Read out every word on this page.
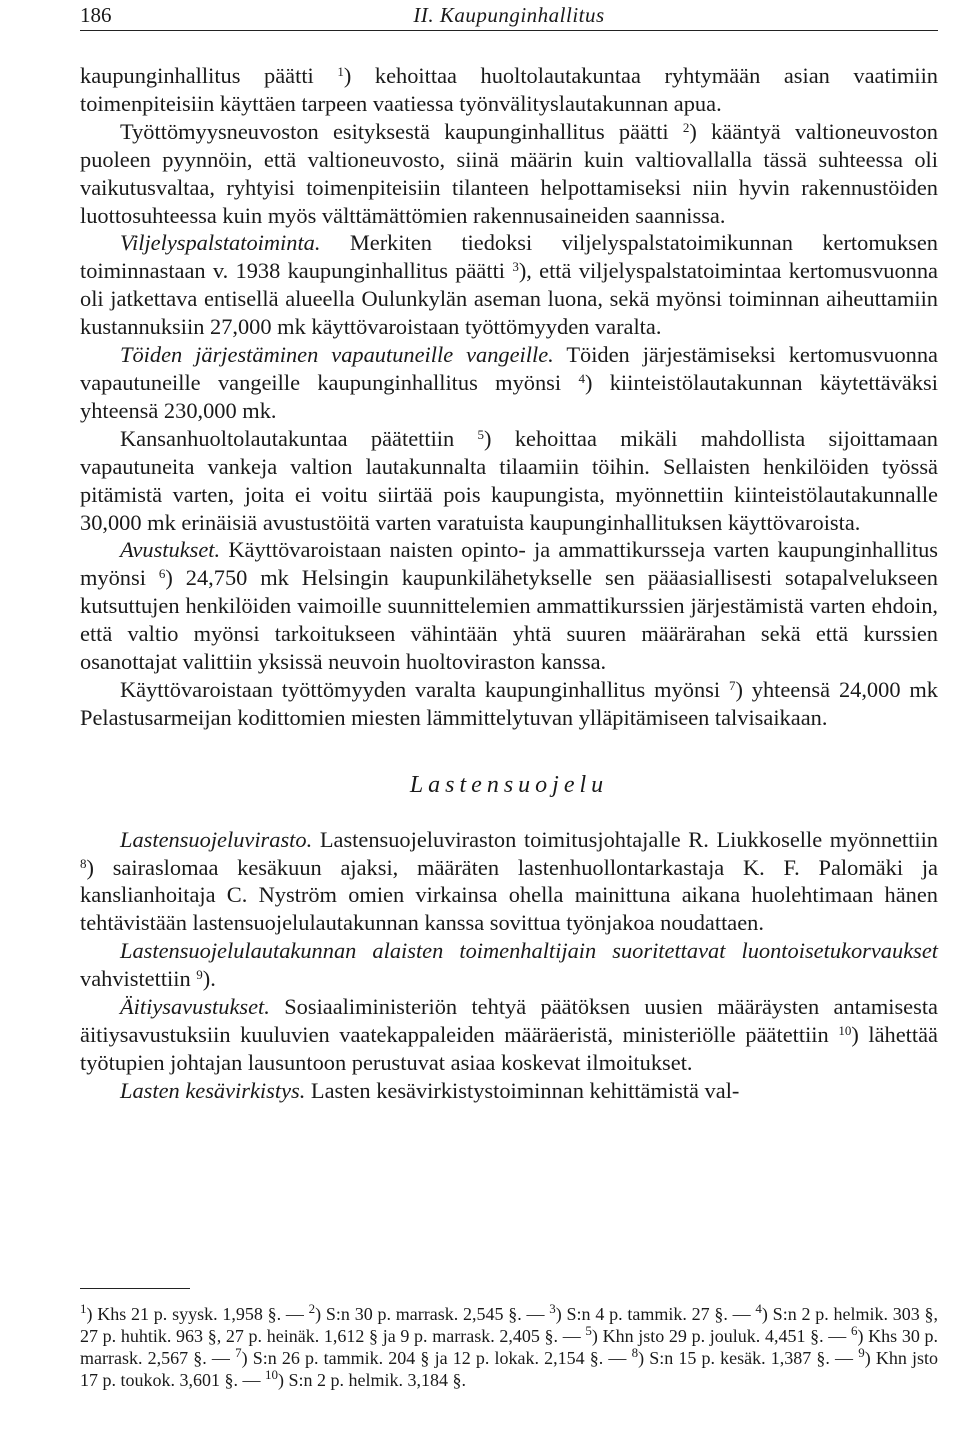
186	II. Kaupunginhallitus

kaupunginhallitus päätti $^1$) kehoittaa huoltolautakuntaa ryhtymään asian vaatimiin toimenpiteisiin käyttäen tarpeen vaatiessa työnvälityslautakunnan apua.

Työttömyysneuvoston esityksestä kaupunginhallitus päätti $^2$) kääntyä valtioneuvoston puoleen pyynnöin, että valtioneuvosto, siinä määrin kuin valtiovallalla tässä suhteessa oli vaikutusvaltaa, ryhtyisi toimenpiteisiin tilanteen helpottamiseksi niin hyvin rakennustöiden luottosuhteessa kuin myös välttämättömien rakennusaineiden saannissa.

Viljelyspalstatoiminta. Merkiten tiedoksi viljelyspalstatoimikunnan kertomuksen toiminnastaan v. 1938 kaupunginhallitus päätti $^3$), että viljelyspalstatoimintaa kertomusvuonna oli jatkettava entisellä alueella Oulunkylän aseman luona, sekä myönsi toiminnan aiheuttamiin kustannuksiin 27,000 mk käyttövaroistaan työttömyyden varalta.

Töiden järjestäminen vapautuneille vangeille. Töiden järjestämiseksi kertomusvuonna vapautuneille vangeille kaupunginhallitus myönsi $^4$) kiinteistölautakunnan käytettäväksi yhteensä 230,000 mk.

Kansanhuoltolautakuntaa päätettiin $^5$) kehoittaa mikäli mahdollista sijoittamaan vapautuneita vankeja valtion lautakunnalta tilaamiin töihin. Sellaisten henkilöiden työssä pitämistä varten, joita ei voitu siirtää pois kaupungista, myönnettiin kiinteistölautakunnalle 30,000 mk erinäisiä avustustöitä varten varatuista kaupunginhallituksen käyttövaroista.

Avustukset. Käyttövaroistaan naisten opinto- ja ammattikursseja varten kaupunginhallitus myönsi $^6$) 24,750 mk Helsingin kaupunkilähetykselle sen pääasiallisesti sotapalvelukseen kutsuttujen henkilöiden vaimoille suunnittelemien ammattikurssien järjestämistä varten ehdoin, että valtio myönsi tarkoitukseen vähintään yhtä suuren määrärahan sekä että kurssien osanottajat valittiin yksissä neuvoin huoltoviraston kanssa.

Käyttövaroistaan työttömyyden varalta kaupunginhallitus myönsi $^7$) yhteensä 24,000 mk Pelastusarmeijan kodittomien miesten lämmittelytuvan ylläpitämiseen talvisaikaan.

Lastensuojelu

Lastensuojeluvirasto. Lastensuojeluviraston toimitusjohtajalle R. Liukkoselle myönnettiin $^8$) sairaslomaa kesäkuun ajaksi, määräten lastenhuollontarkastaja K. F. Palomäki ja kanslianhoitaja C. Nyström omien virkainsa ohella mainittuna aikana huolehtimaan hänen tehtävistään lastensuojelulautakunnan kanssa sovittua työnjakoa noudattaen.

Lastensuojelulautakunnan alaisten toimenhaltijain suoritettavat luontoisetukorvaukset vahvistettiin $^9$).

Äitiysavustukset. Sosiaaliministeriön tehtyä päätöksen uusien määräysten antamisesta äitiysavustuksiin kuuluvien vaatekappaleiden määräeristä, ministeriölle päätettiin $^{10}$) lähettää työtupien johtajan lausuntoon perustuvat asiaa koskevat ilmoitukset.

Lasten kesävirkistys. Lasten kesävirkistystoiminnan kehittämistä val-

$^1$) Khs 21 p. syysk. 1,958 §. — $^2$) S:n 30 p. marrask. 2,545 §. — $^3$) S:n 4 p. tammik. 27 §. — $^4$) S:n 2 p. helmik. 303 §, 27 p. huhtik. 963 §, 27 p. heinäk. 1,612 § ja 9 p. marrask. 2,405 §. — $^5$) Khn jsto 29 p. jouluk. 4,451 §. — $^6$) Khs 30 p. marrask. 2,567 §. — $^7$) S:n 26 p. tammik. 204 § ja 12 p. lokak. 2,154 §. — $^8$) S:n 15 p. kesäk. 1,387 §. — $^9$) Khn jsto 17 p. toukok. 3,601 §. — $^{10}$) S:n 2 p. helmik. 3,184 §.
